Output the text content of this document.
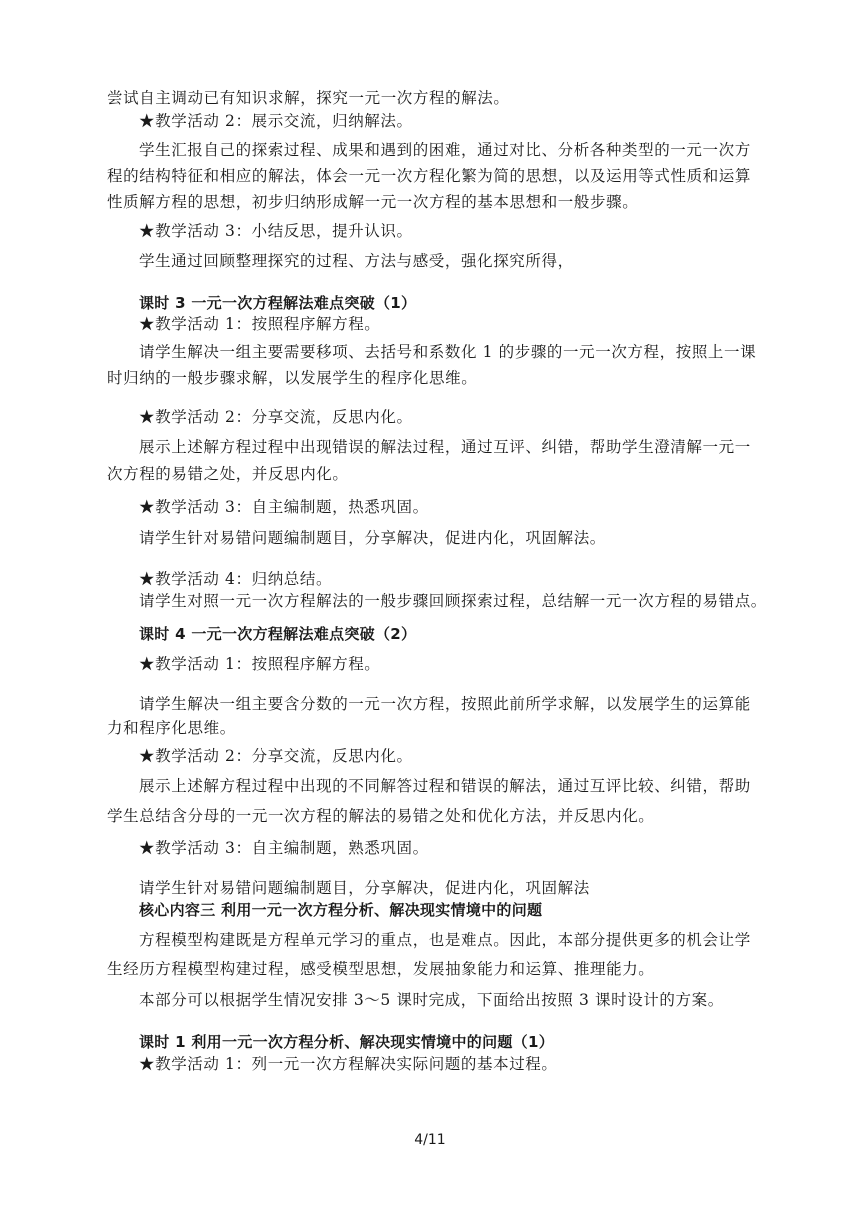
尝试自主调动已有知识求解，探究一元一次方程的解法。
★教学活动 2：展示交流，归纳解法。
学生汇报自己的探索过程、成果和遇到的困难，通过对比、分析各种类型的一元一次方
程的结构特征和相应的解法，体会一元一次方程化繁为简的思想，以及运用等式性质和运算
性质解方程的思想，初步归纳形成解一元一次方程的基本思想和一般步骤。
★教学活动 3：小结反思，提升认识。
学生通过回顾整理探究的过程、方法与感受，强化探究所得，
课时 3 一元一次方程解法难点突破（1）
★教学活动 1：按照程序解方程。
请学生解决一组主要需要移项、去括号和系数化 1 的步骤的一元一次方程，按照上一课
时归纳的一般步骤求解，以发展学生的程序化思维。
★教学活动 2：分享交流，反思内化。
展示上述解方程过程中出现错误的解法过程，通过互评、纠错，帮助学生澄清解一元一
次方程的易错之处，并反思内化。
★教学活动 3：自主编制题，热悉巩固。
请学生针对易错问题编制题目，分享解决，促进内化，巩固解法。
★教学活动 4：归纳总结。
请学生对照一元一次方程解法的一般步骤回顾探索过程，总结解一元一次方程的易错点。
课时 4 一元一次方程解法难点突破（2）
★教学活动 1：按照程序解方程。
请学生解决一组主要含分数的一元一次方程，按照此前所学求解，以发展学生的运算能
力和程序化思维。
★教学活动 2：分享交流，反思内化。
展示上述解方程过程中出现的不同解答过程和错误的解法，通过互评比较、纠错，帮助
学生总结含分母的一元一次方程的解法的易错之处和优化方法，并反思内化。
★教学活动 3：自主编制题，熟悉巩固。
请学生针对易错问题编制题目，分享解决，促进内化，巩固解法
核心内容三 利用一元一次方程分析、解决现实情境中的问题
方程模型构建既是方程单元学习的重点，也是难点。因此，本部分提供更多的机会让学
生经历方程模型构建过程，感受模型思想，发展抽象能力和运算、推理能力。
本部分可以根据学生情况安排 3～5 课时完成，下面给出按照 3 课时设计的方案。
课时 1 利用一元一次方程分析、解决现实情境中的问题（1）
★教学活动 1：列一元一次方程解决实际问题的基本过程。
4/11
